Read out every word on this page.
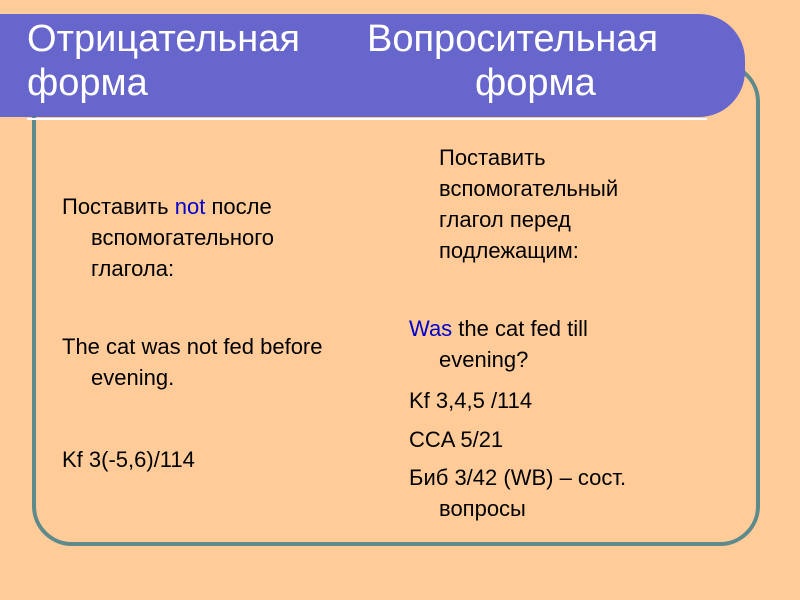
Отрицательная Вопросительная
форма	форма
Поставить not после
вспомогательного
глагола:
The cat was not fed before
evening.
Kf 3(-5,6)/114
Поставить
вспомогательный
глагол перед
подлежащим:
Was the cat fed till
evening?
Kf 3,4,5 /114
CCA 5/21
Биб 3/42 (WB) – сост.
вопросы
